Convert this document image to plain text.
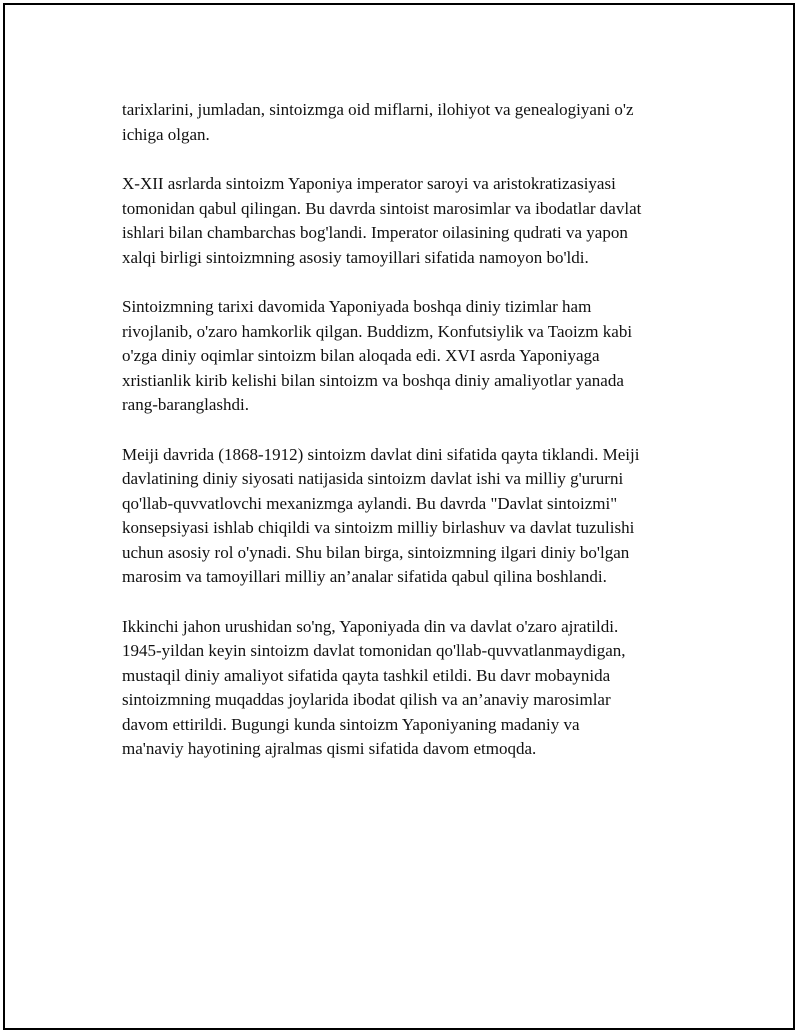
tarixlarini, jumladan, sintoizmga oid miflarni, ilohiyot va genealogiyani o'z
ichiga olgan.

X-XII asrlarda sintoizm Yaponiya imperator saroyi va aristokratizasiyasi
tomonidan qabul qilingan. Bu davrda sintoist marosimlar va ibodatlar davlat
ishlari bilan chambarchas bog'landi. Imperator oilasining qudrati va yapon
xalqi birligi sintoizmning asosiy tamoyillari sifatida namoyon bo'ldi.

Sintoizmning tarixi davomida Yaponiyada boshqa diniy tizimlar ham
rivojlanib, o'zaro hamkorlik qilgan. Buddizm, Konfutsiylik va Taoizm kabi
o'zga diniy oqimlar sintoizm bilan aloqada edi. XVI asrda Yaponiyaga
xristianlik kirib kelishi bilan sintoizm va boshqa diniy amaliyotlar yanada
rang-baranglashdi.

Meiji davrida (1868-1912) sintoizm davlat dini sifatida qayta tiklandi. Meiji
davlatining diniy siyosati natijasida sintoizm davlat ishi va milliy g'ururni
qo'llab-quvvatlovchi mexanizmga aylandi. Bu davrda "Davlat sintoizmi"
konsepsiyasi ishlab chiqildi va sintoizm milliy birlashuv va davlat tuzulishi
uchun asosiy rol o'ynadi. Shu bilan birga, sintoizmning ilgari diniy bo'lgan
marosim va tamoyillari milliy an’analar sifatida qabul qilina boshlandi.

Ikkinchi jahon urushidan so'ng, Yaponiyada din va davlat o'zaro ajratildi.
1945-yildan keyin sintoizm davlat tomonidan qo'llab-quvvatlanmaydigan,
mustaqil diniy amaliyot sifatida qayta tashkil etildi. Bu davr mobaynida
sintoizmning muqaddas joylarida ibodat qilish va an’anaviy marosimlar
davom ettirildi. Bugungi kunda sintoizm Yaponiyaning madaniy va
ma'naviy hayotining ajralmas qismi sifatida davom etmoqda.
